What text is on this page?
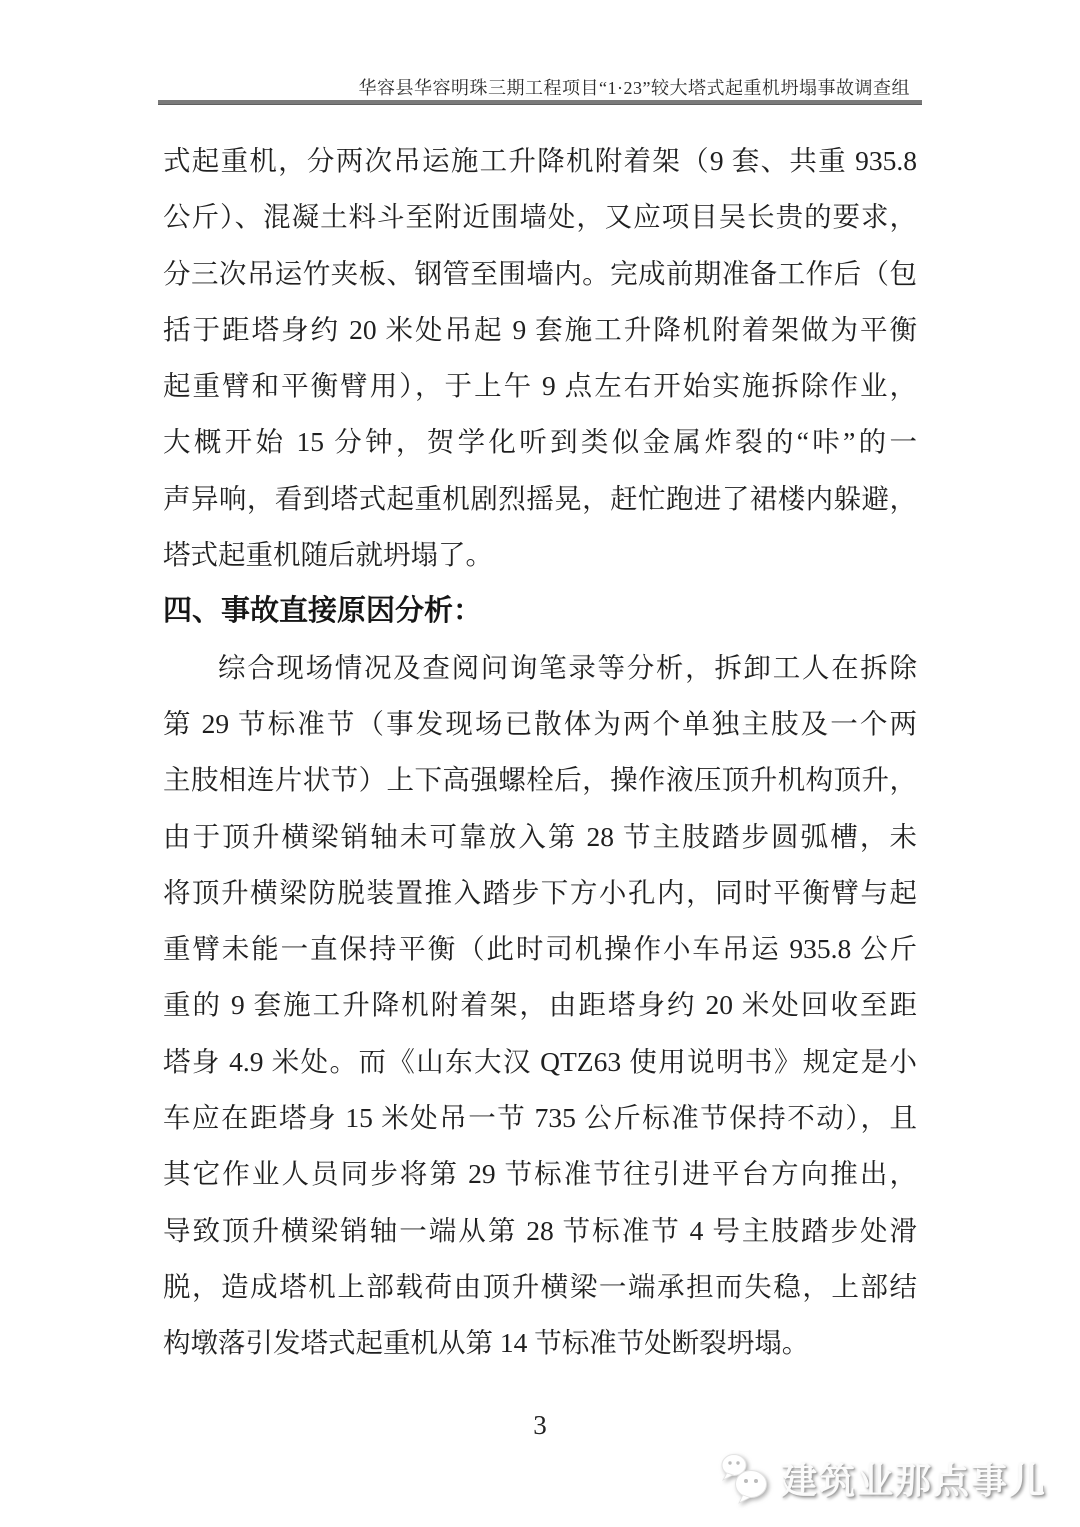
华容县华容明珠三期工程项目“1·23”较大塔式起重机坍塌事故调查组
式起重机，分两次吊运施工升降机附着架（9 套、共重 935.8
公斤）、混凝土料斗至附近围墙处，又应项目吴长贵的要求，
分三次吊运竹夹板、钢管至围墙内。完成前期准备工作后（包
括于距塔身约 20 米处吊起 9 套施工升降机附着架做为平衡
起重臂和平衡臂用），于上午 9 点左右开始实施拆除作业，
大概开始 15 分钟，贺学化听到类似金属炸裂的“咔”的一
声异响，看到塔式起重机剧烈摇晃，赶忙跑进了裙楼内躲避，
塔式起重机随后就坍塌了。
四、事故直接原因分析：
综合现场情况及查阅问询笔录等分析，拆卸工人在拆除
第 29 节标准节（事发现场已散体为两个单独主肢及一个两
主肢相连片状节）上下高强螺栓后，操作液压顶升机构顶升，
由于顶升横梁销轴未可靠放入第 28 节主肢踏步圆弧槽，未
将顶升横梁防脱装置推入踏步下方小孔内，同时平衡臂与起
重臂未能一直保持平衡（此时司机操作小车吊运 935.8 公斤
重的 9 套施工升降机附着架，由距塔身约 20 米处回收至距
塔身 4.9 米处。而《山东大汉 QTZ63 使用说明书》规定是小
车应在距塔身 15 米处吊一节 735 公斤标准节保持不动），且
其它作业人员同步将第 29 节标准节往引进平台方向推出，
导致顶升横梁销轴一端从第 28 节标准节 4 号主肢踏步处滑
脱，造成塔机上部载荷由顶升横梁一端承担而失稳，上部结
构墩落引发塔式起重机从第 14 节标准节处断裂坍塌。
3
建筑业那点事儿
